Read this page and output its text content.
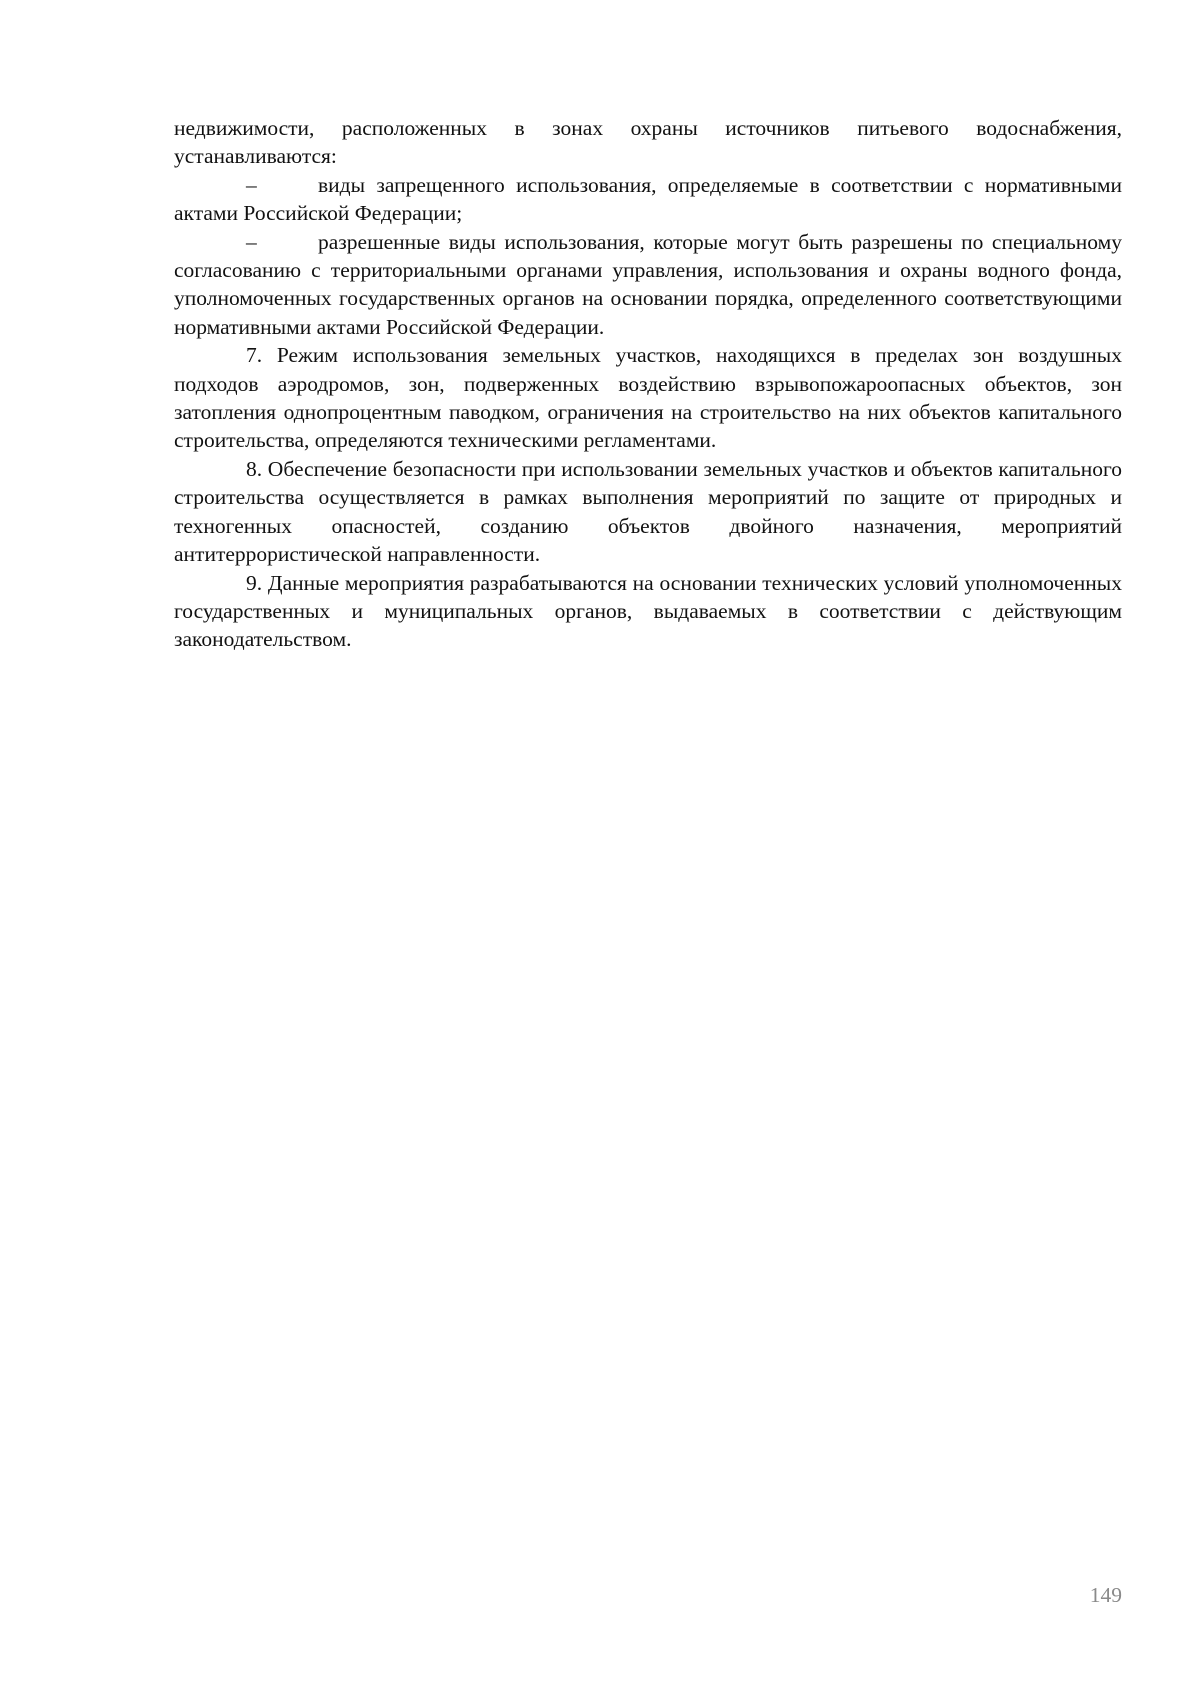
недвижимости, расположенных в зонах охраны источников питьевого водоснабжения, устанавливаются:

–	виды запрещенного использования, определяемые в соответствии с нормативными актами Российской Федерации;

–	разрешенные виды использования, которые могут быть разрешены по специальному согласованию с территориальными органами управления, использования и охраны водного фонда, уполномоченных государственных органов на основании порядка, определенного соответствующими нормативными актами Российской Федерации.

7. Режим использования земельных участков, находящихся в пределах зон воздушных подходов аэродромов, зон, подверженных воздействию взрывопожароопасных объектов, зон затопления однопроцентным паводком, ограничения на строительство на них объектов капитального строительства, определяются техническими регламентами.

8. Обеспечение безопасности при использовании земельных участков и объектов капитального строительства осуществляется в рамках выполнения мероприятий по защите от природных и техногенных опасностей, созданию объектов двойного назначения, мероприятий антитеррористической направленности.

9. Данные мероприятия разрабатываются на основании технических условий уполномоченных государственных и муниципальных органов, выдаваемых в соответствии с действующим законодательством.

149
